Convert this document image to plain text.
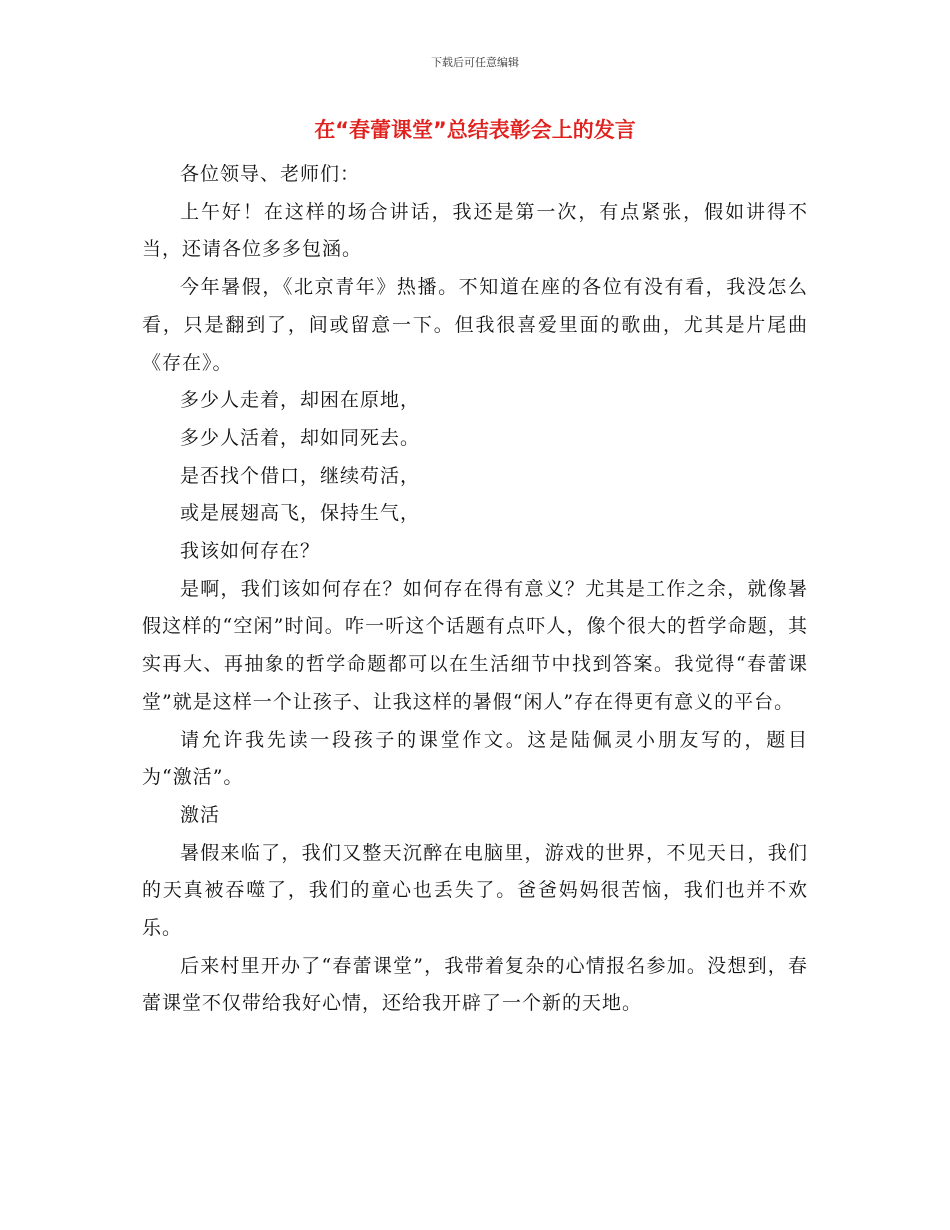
下载后可任意编辑
在“春蕾课堂”总结表彰会上的发言

各位领导、老师们：

上午好！在这样的场合讲话，我还是第一次，有点紧张，假如讲得不当，还请各位多多包涵。

今年暑假，《北京青年》热播。不知道在座的各位有没有看，我没怎么看，只是翻到了，间或留意一下。但我很喜爱里面的歌曲，尤其是片尾曲《存在》。

多少人走着，却困在原地，

多少人活着，却如同死去。

是否找个借口，继续苟活，

或是展翅高飞，保持生气，

我该如何存在？

是啊，我们该如何存在？如何存在得有意义？尤其是工作之余，就像暑假这样的“空闲”时间。咋一听这个话题有点吓人，像个很大的哲学命题，其实再大、再抽象的哲学命题都可以在生活细节中找到答案。我觉得“春蕾课堂”就是这样一个让孩子、让我这样的暑假“闲人”存在得更有意义的平台。

请允许我先读一段孩子的课堂作文。这是陆佩灵小朋友写的，题目为“激活”。

激活

暑假来临了，我们又整天沉醉在电脑里，游戏的世界，不见天日，我们的天真被吞噬了，我们的童心也丢失了。爸爸妈妈很苦恼，我们也并不欢乐。

后来村里开办了“春蕾课堂”，我带着复杂的心情报名参加。没想到，春蕾课堂不仅带给我好心情，还给我开辟了一个新的天地。
